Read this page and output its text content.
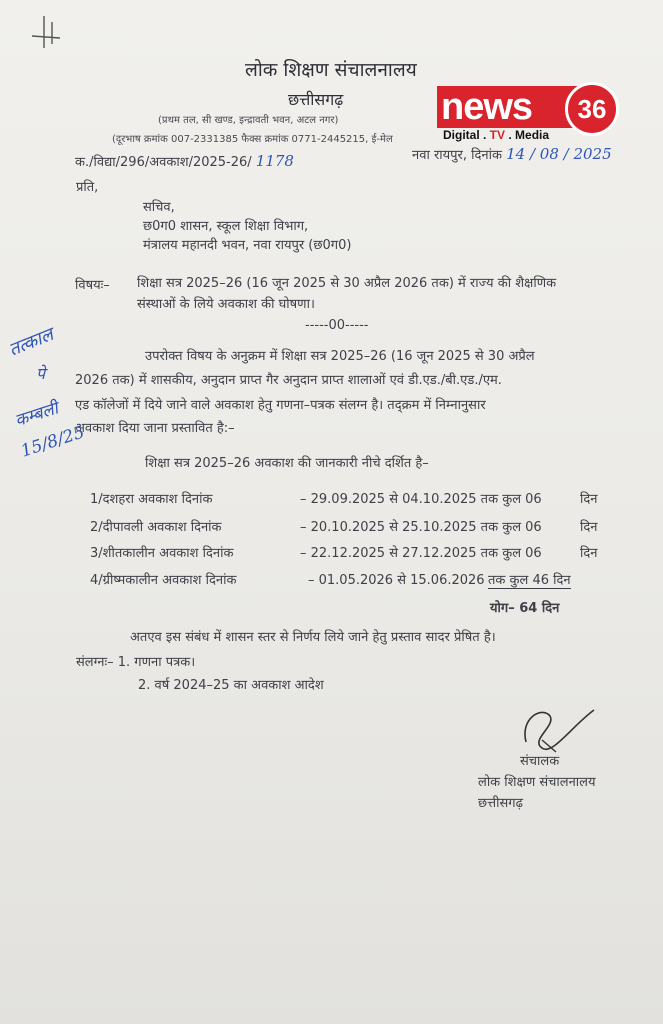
लोक शिक्षण संचालनालय
छत्तीसगढ़
(प्रथम तल, सी खण्ड, इन्द्रावती भवन, अटल नगर)
(दूरभाष क्रमांक 007-2331385 फैक्स क्रमांक 0771-2445215, ई-मेल
news	36
Digital . TV . Media
क./विद्या/296/अवकाश/2025-26/ 1178	नवा रायपुर, दिनांक 14 / 08 / 2025
प्रति,
सचिव,
छ0ग0 शासन, स्कूल शिक्षा विभाग,
मंत्रालय महानदी भवन, नवा रायपुर (छ0ग0)
विषयः– शिक्षा सत्र 2025–26 (16 जून 2025 से 30 अप्रैल 2026 तक) में राज्य की शैक्षणिक
संस्थाओं के लिये अवकाश की घोषणा।
-----00-----
उपरोक्त विषय के अनुक्रम में शिक्षा सत्र 2025–26 (16 जून 2025 से 30 अप्रैल
2026 तक) में शासकीय, अनुदान प्राप्त गैर अनुदान प्राप्त शालाओं एवं डी.एड./बी.एड./एम.
एड कॉलेजों में दिये जाने वाले अवकाश हेतु गणना–पत्रक संलग्न है। तद्क्रम में निम्नानुसार
अवकाश दिया जाना प्रस्तावित है:–
तत्काल
पे
कम्बली
15/8/25
शिक्षा सत्र 2025–26 अवकाश की जानकारी नीचे दर्शित है–
1/दशहरा अवकाश दिनांक	– 29.09.2025 से 04.10.2025 तक कुल 06	दिन
2/दीपावली अवकाश दिनांक	– 20.10.2025 से 25.10.2025 तक कुल 06	दिन
3/शीतकालीन अवकाश दिनांक	– 22.12.2025 से 27.12.2025 तक कुल 06	दिन
4/ग्रीष्मकालीन अवकाश दिनांक	– 01.05.2026 से 15.06.2026 तक कुल 46 दिन
योग– 64 दिन
अतएव इस संबंध में शासन स्तर से निर्णय लिये जाने हेतु प्रस्ताव सादर प्रेषित है।
संलग्नः– 1. गणना पत्रक।
2. वर्ष 2024–25 का अवकाश आदेश
संचालक
लोक शिक्षण संचालनालय
छत्तीसगढ़
